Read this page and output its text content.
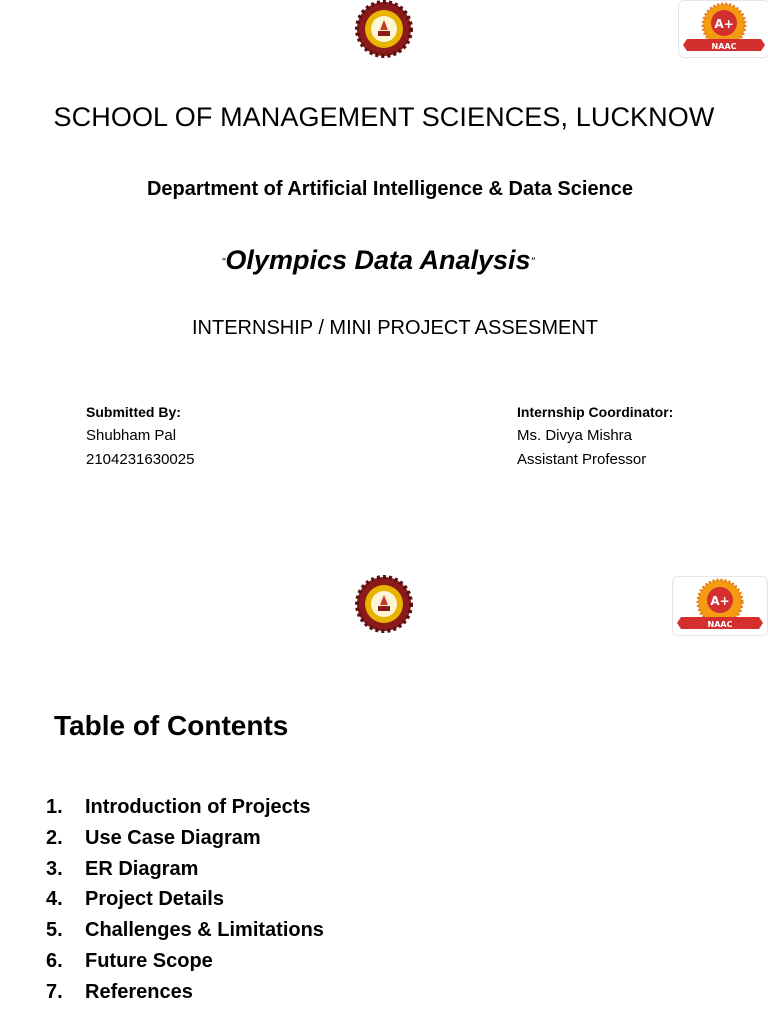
A+
NAAC
SCHOOL OF MANAGEMENT SCIENCES, LUCKNOW
Department of Artificial Intelligence & Data Science
“Olympics Data Analysis”
INTERNSHIP / MINI PROJECT ASSESMENT
Submitted By:
Shubham Pal
2104231630025
Internship Coordinator:
Ms. Divya Mishra
Assistant Professor
A+
NAAC
Table of Contents
1.	Introduction of Projects
2.	Use Case Diagram
3.	ER Diagram
4.	Project Details
5.	Challenges & Limitations
6.	Future Scope
7.	References
